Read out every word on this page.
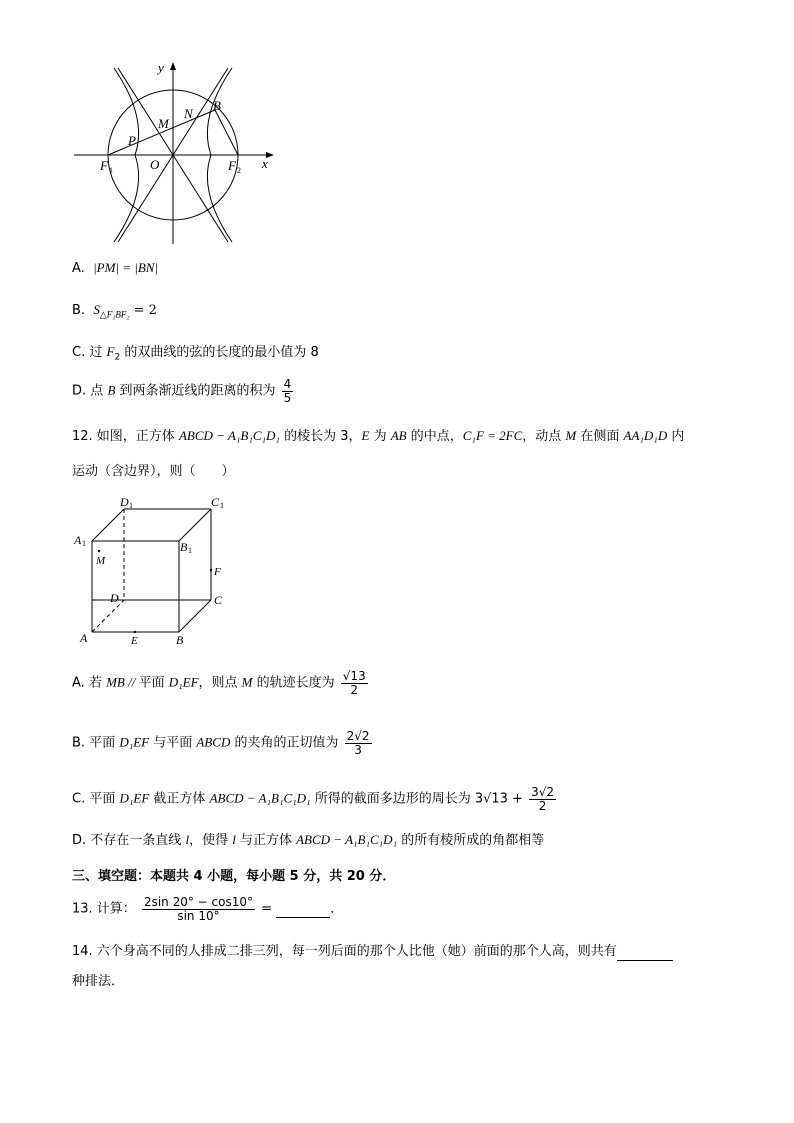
y
x
B
N
M
P
F 1	O	F 2
A. |PM| = |BN|
B. $S_{\triangle F_1BF_2} = 2$
C. 过 $F_2$ 的双曲线的弦的长度的最小值为 8
D. 点 B 到两条渐近线的距离的积为 $\frac{4}{5}$
12. 如图，正方体 ABCD − A₁B₁C₁D₁ 的棱长为 3，E 为 AB 的中点，C₁F = 2FC，动点 M 在侧面 AA₁D₁D 内
运动（含边界），则（　　）
D 1	C 1
A 1	B 1
M
F
D	C
A	E	B
A. 若 MB // 平面 D₁EF，则点 M 的轨迹长度为 $\frac{√13}{2}$
B. 平面 D₁EF 与平面 ABCD 的夹角的正切值为 $\frac{2√2}{3}$
C. 平面 D₁EF 截正方体 ABCD − A₁B₁C₁D₁ 所得的截面多边形的周长为 $3√13 + \frac{3√2}{2}$
D. 不存在一条直线 l，使得 l 与正方体 ABCD − A₁B₁C₁D₁ 的所有棱所成的角都相等
三、填空题：本题共 4 小题，每小题 5 分，共 20 分．
13. 计算： $\frac{2\sin 20^\circ - \cos 10^\circ}{\sin 10^\circ}$ =	．
14. 六个身高不同的人排成二排三列，每一列后面的那个人比他（她）前面的那个人高，则共有
种排法．
